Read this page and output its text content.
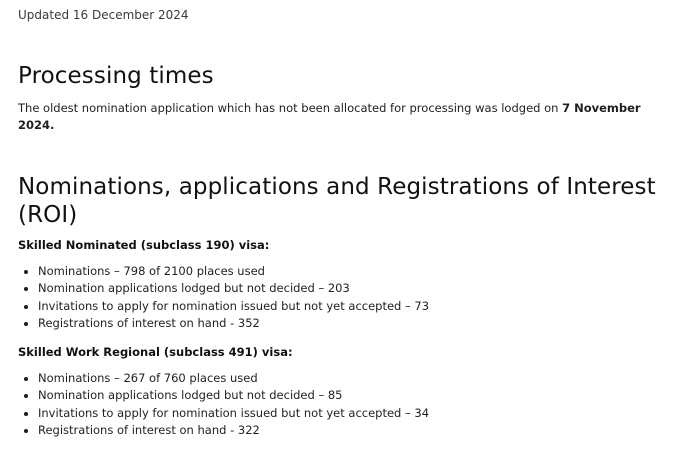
Updated 16 December 2024
Processing times

The oldest nomination application which has not been allocated for processing was lodged on 7 November 2024.

Nominations, applications and Registrations of Interest (ROI)

Skilled Nominated (subclass 190) visa:

Nominations – 798 of 2100 places used
Nomination applications lodged but not decided – 203
Invitations to apply for nomination issued but not yet accepted – 73
Registrations of interest on hand - 352

Skilled Work Regional (subclass 491) visa:

Nominations – 267 of 760 places used
Nomination applications lodged but not decided – 85
Invitations to apply for nomination issued but not yet accepted – 34
Registrations of interest on hand - 322
